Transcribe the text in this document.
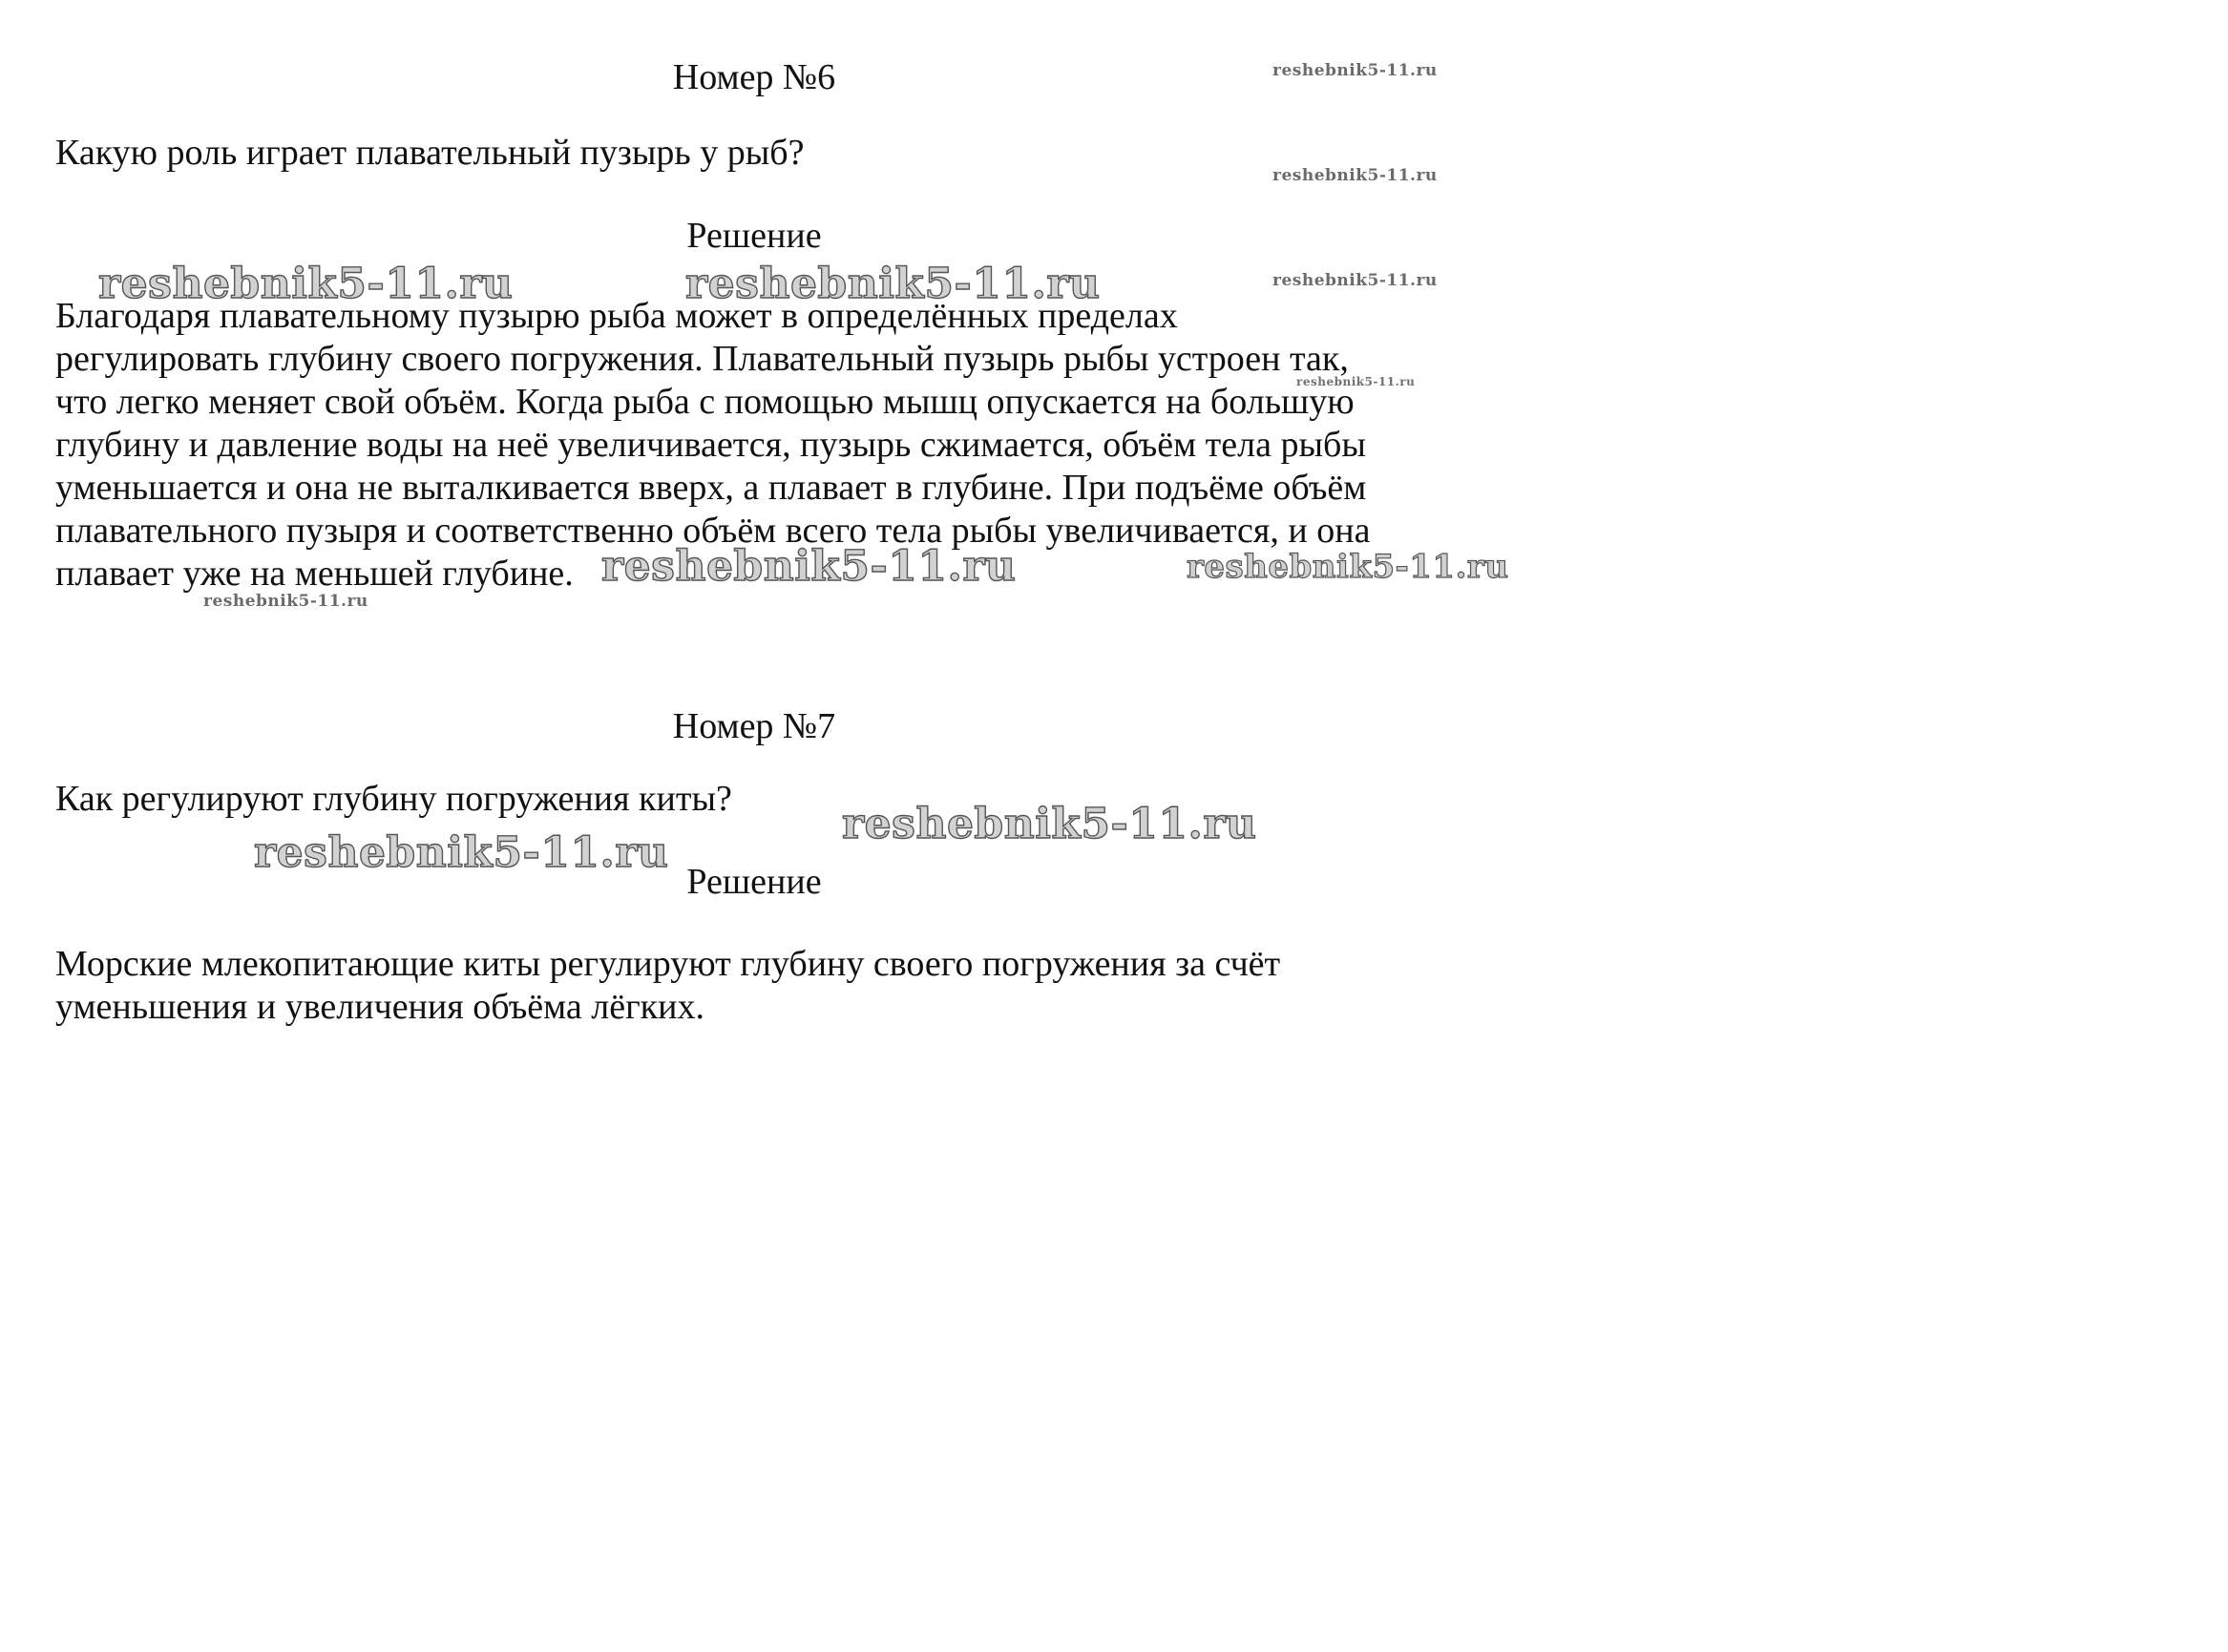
Номер №6

Какую роль играет плавательный пузырь у рыб?

Решение
Благодаря плавательному пузырю рыба может в определённых пределах
регулировать глубину своего погружения. Плавательный пузырь рыбы устроен так,
что легко меняет свой объём. Когда рыба с помощью мышц опускается на большую
глубину и давление воды на неё увеличивается, пузырь сжимается, объём тела рыбы
уменьшается и она не выталкивается вверх, а плавает в глубине. При подъёме объём
плавательного пузыря и соответственно объём всего тела рыбы увеличивается, и она
плавает уже на меньшей глубине.
Номер №7

Как регулируют глубину погружения киты?

Решение
Морские млекопитающие киты регулируют глубину своего погружения за счёт
уменьшения и увеличения объёма лёгких.
reshebnik5-11.ru
reshebnik5-11.ru
reshebnik5-11.ru
reshebnik5-11.ru
reshebnik5-11.ru	reshebnik5-11.ru
reshebnik5-11.ru	reshebnik5-11.ru
reshebnik5-11.ru
reshebnik5-11.ru
reshebnik5-11.ru
